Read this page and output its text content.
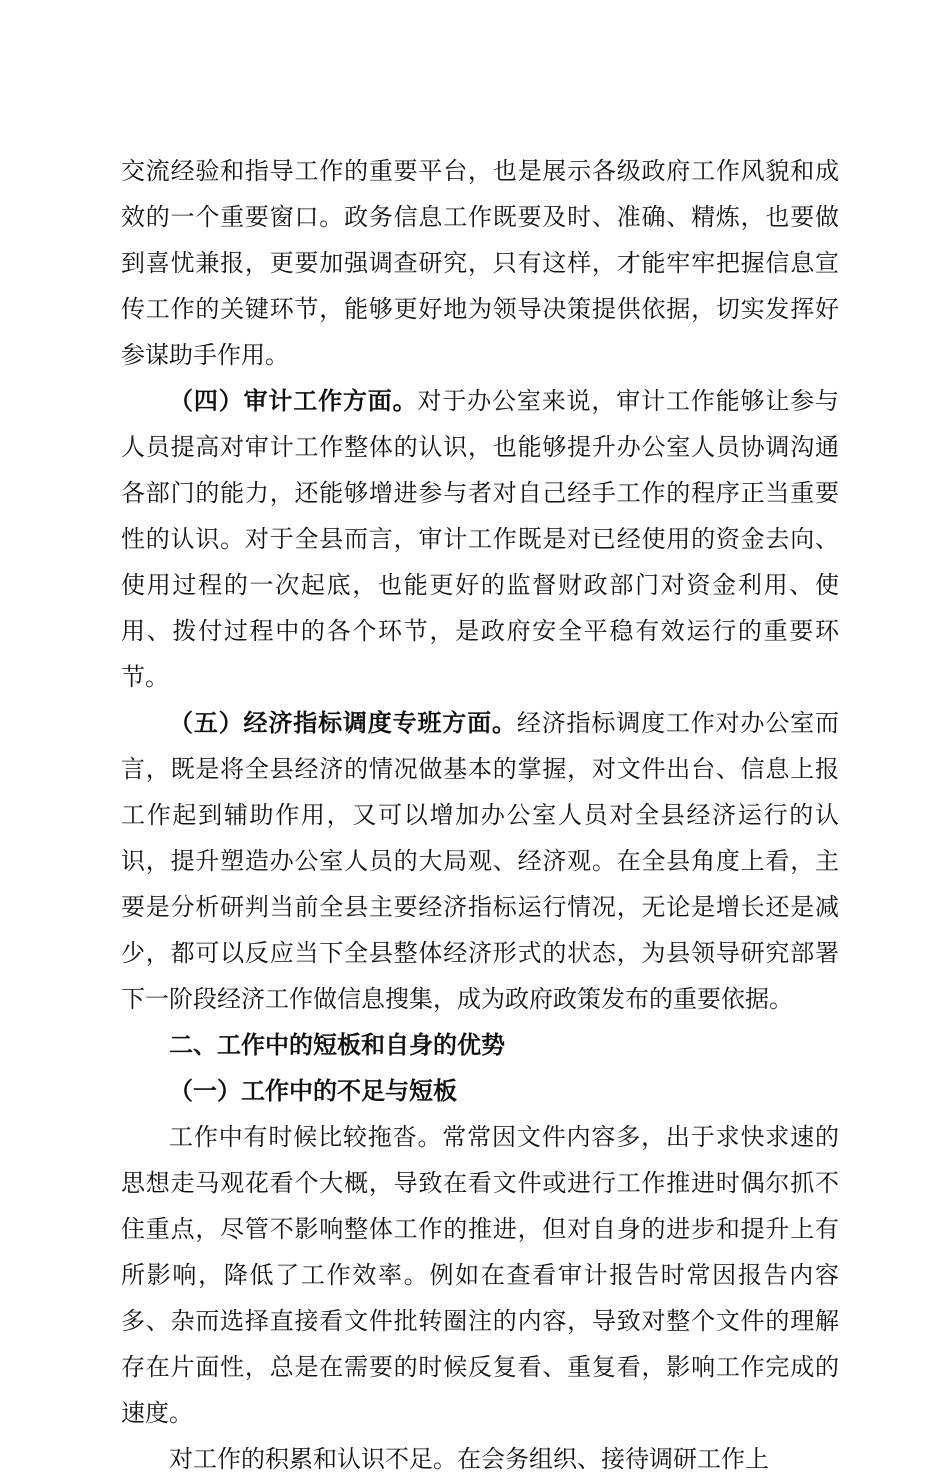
交流经验和指导工作的重要平台，也是展示各级政府工作风貌和成效的一个重要窗口。政务信息工作既要及时、准确、精炼，也要做到喜忧兼报，更要加强调查研究，只有这样，才能牢牢把握信息宣传工作的关键环节，能够更好地为领导决策提供依据，切实发挥好参谋助手作用。

（四）审计工作方面。对于办公室来说，审计工作能够让参与人员提高对审计工作整体的认识，也能够提升办公室人员协调沟通各部门的能力，还能够增进参与者对自己经手工作的程序正当重要性的认识。对于全县而言，审计工作既是对已经使用的资金去向、使用过程的一次起底，也能更好的监督财政部门对资金利用、使用、拨付过程中的各个环节，是政府安全平稳有效运行的重要环节。

（五）经济指标调度专班方面。经济指标调度工作对办公室而言，既是将全县经济的情况做基本的掌握，对文件出台、信息上报工作起到辅助作用，又可以增加办公室人员对全县经济运行的认识，提升塑造办公室人员的大局观、经济观。在全县角度上看，主要是分析研判当前全县主要经济指标运行情况，无论是增长还是减少，都可以反应当下全县整体经济形式的状态，为县领导研究部署下一阶段经济工作做信息搜集，成为政府政策发布的重要依据。

二、工作中的短板和自身的优势

（一）工作中的不足与短板

工作中有时候比较拖沓。常常因文件内容多，出于求快求速的思想走马观花看个大概，导致在看文件或进行工作推进时偶尔抓不住重点，尽管不影响整体工作的推进，但对自身的进步和提升上有所影响，降低了工作效率。例如在查看审计报告时常因报告内容多、杂而选择直接看文件批转圈注的内容，导致对整个文件的理解存在片面性，总是在需要的时候反复看、重复看，影响工作完成的速度。

对工作的积累和认识不足。在会务组织、接待调研工作上
